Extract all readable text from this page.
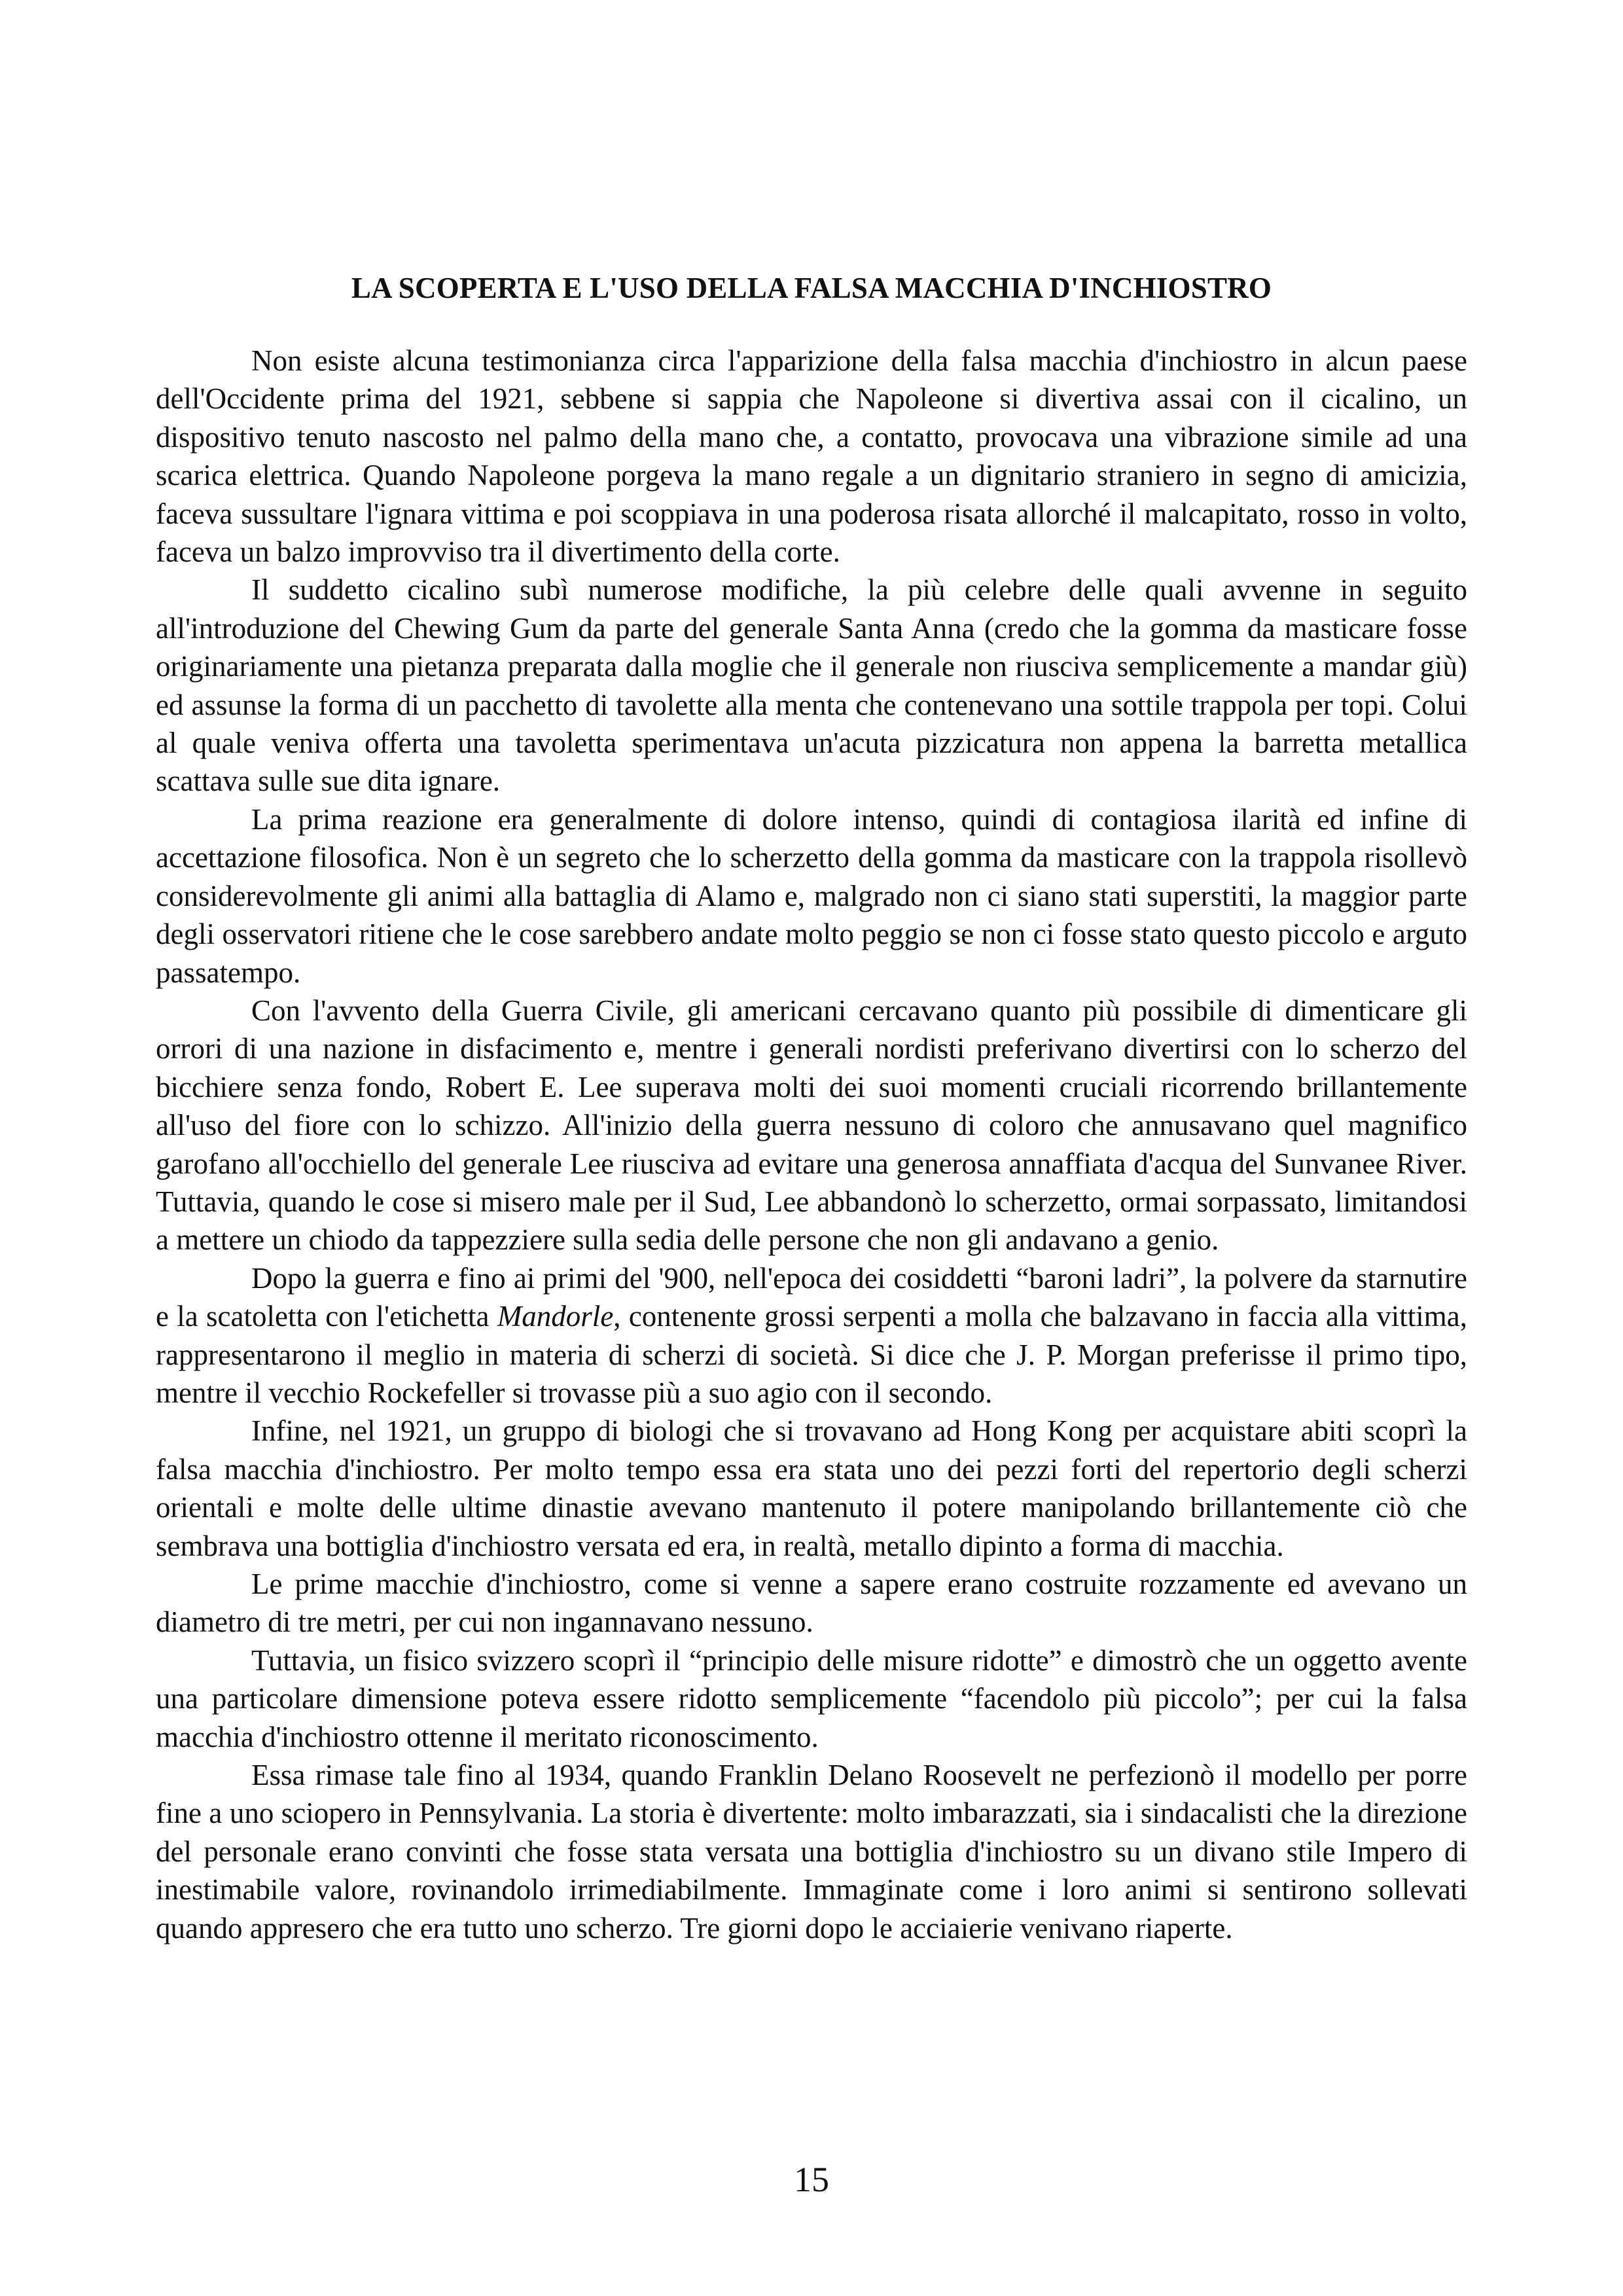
LA SCOPERTA E L'USO DELLA FALSA MACCHIA D'INCHIOSTRO

Non esiste alcuna testimonianza circa l'apparizione della falsa macchia d'inchiostro in alcun paese dell'Occidente prima del 1921, sebbene si sappia che Napoleone si divertiva assai con il cicalino, un dispositivo tenuto nascosto nel palmo della mano che, a contatto, provocava una vibrazione simile ad una scarica elettrica. Quando Napoleone porgeva la mano regale a un dignitario straniero in segno di amicizia, faceva sussultare l'ignara vittima e poi scoppiava in una poderosa risata allorché il malcapitato, rosso in volto, faceva un balzo improvviso tra il divertimento della corte.

Il suddetto cicalino subì numerose modifiche, la più celebre delle quali avvenne in seguito all'introduzione del Chewing Gum da parte del generale Santa Anna (credo che la gomma da masticare fosse originariamente una pietanza preparata dalla moglie che il generale non riusciva semplicemente a mandar giù) ed assunse la forma di un pacchetto di tavolette alla menta che contenevano una sottile trappola per topi. Colui al quale veniva offerta una tavoletta sperimentava un'acuta pizzicatura non appena la barretta metallica scattava sulle sue dita ignare.

La prima reazione era generalmente di dolore intenso, quindi di contagiosa ilarità ed infine di accettazione filosofica. Non è un segreto che lo scherzetto della gomma da masticare con la trappola risollevò considerevolmente gli animi alla battaglia di Alamo e, malgrado non ci siano stati superstiti, la maggior parte degli osservatori ritiene che le cose sarebbero andate molto peggio se non ci fosse stato questo piccolo e arguto passatempo.

Con l'avvento della Guerra Civile, gli americani cercavano quanto più possibile di dimenticare gli orrori di una nazione in disfacimento e, mentre i generali nordisti preferivano divertirsi con lo scherzo del bicchiere senza fondo, Robert E. Lee superava molti dei suoi momenti cruciali ricorrendo brillantemente all'uso del fiore con lo schizzo. All'inizio della guerra nessuno di coloro che annusavano quel magnifico garofano all'occhiello del generale Lee riusciva ad evitare una generosa annaffiata d'acqua del Sunvanee River. Tuttavia, quando le cose si misero male per il Sud, Lee abbandonò lo scherzetto, ormai sorpassato, limitandosi a mettere un chiodo da tappezziere sulla sedia delle persone che non gli andavano a genio.

Dopo la guerra e fino ai primi del '900, nell'epoca dei cosiddetti “baroni ladri”, la polvere da starnutire e la scatoletta con l'etichetta Mandorle, contenente grossi serpenti a molla che balzavano in faccia alla vittima, rappresentarono il meglio in materia di scherzi di società. Si dice che J. P. Morgan preferisse il primo tipo, mentre il vecchio Rockefeller si trovasse più a suo agio con il secondo.

Infine, nel 1921, un gruppo di biologi che si trovavano ad Hong Kong per acquistare abiti scoprì la falsa macchia d'inchiostro. Per molto tempo essa era stata uno dei pezzi forti del repertorio degli scherzi orientali e molte delle ultime dinastie avevano mantenuto il potere manipolando brillantemente ciò che sembrava una bottiglia d'inchiostro versata ed era, in realtà, metallo dipinto a forma di macchia.

Le prime macchie d'inchiostro, come si venne a sapere erano costruite rozzamente ed avevano un diametro di tre metri, per cui non ingannavano nessuno.

Tuttavia, un fisico svizzero scoprì il “principio delle misure ridotte” e dimostrò che un oggetto avente una particolare dimensione poteva essere ridotto semplicemente “facendolo più piccolo”; per cui la falsa macchia d'inchiostro ottenne il meritato riconoscimento.

Essa rimase tale fino al 1934, quando Franklin Delano Roosevelt ne perfezionò il modello per porre fine a uno sciopero in Pennsylvania. La storia è divertente: molto imbarazzati, sia i sindacalisti che la direzione del personale erano convinti che fosse stata versata una bottiglia d'inchiostro su un divano stile Impero di inestimabile valore, rovinandolo irrimediabilmente. Immaginate come i loro animi si sentirono sollevati quando appresero che era tutto uno scherzo. Tre giorni dopo le acciaierie venivano riaperte.

15
